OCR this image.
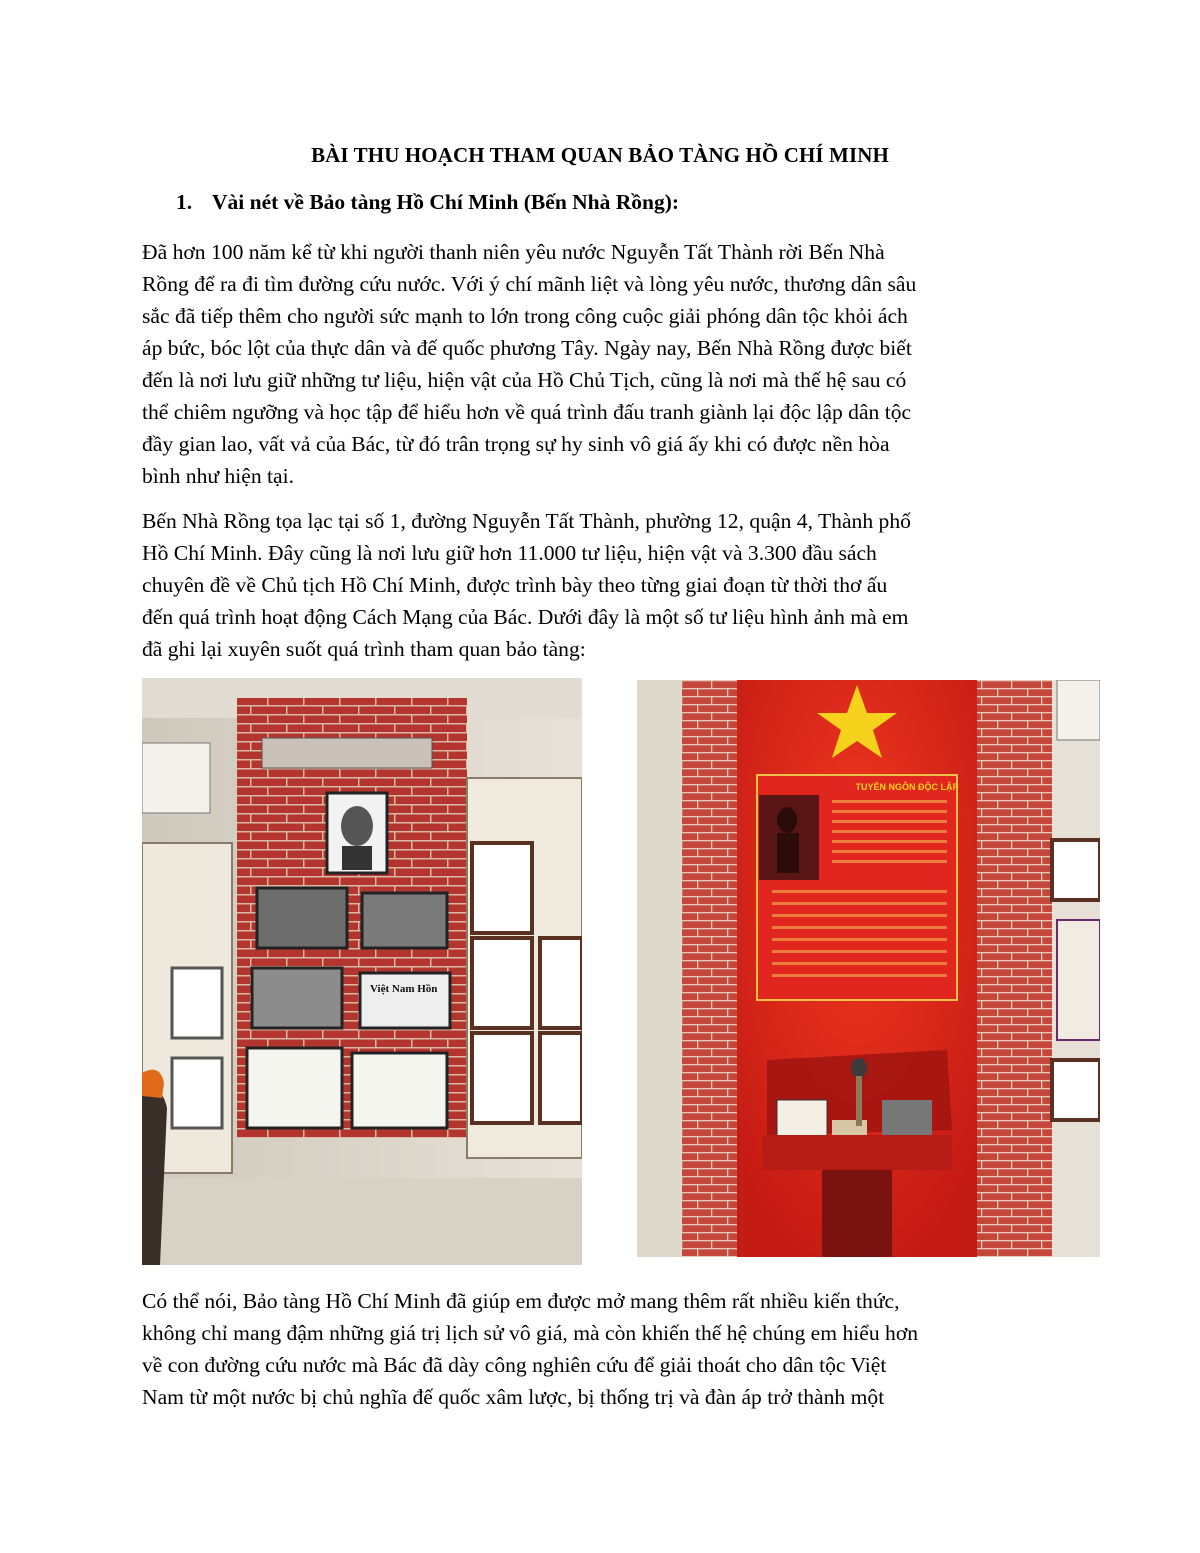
BÀI THU HOẠCH THAM QUAN BẢO TÀNG HỒ CHÍ MINH
1. Vài nét về Bảo tàng Hồ Chí Minh (Bến Nhà Rồng):

Đã hơn 100 năm kể từ khi người thanh niên yêu nước Nguyễn Tất Thành rời Bến Nhà
Rồng để ra đi tìm đường cứu nước. Với ý chí mãnh liệt và lòng yêu nước, thương dân sâu
sắc đã tiếp thêm cho người sức mạnh to lớn trong công cuộc giải phóng dân tộc khỏi ách
áp bức, bóc lột của thực dân và đế quốc phương Tây. Ngày nay, Bến Nhà Rồng được biết
đến là nơi lưu giữ những tư liệu, hiện vật của Hồ Chủ Tịch, cũng là nơi mà thế hệ sau có
thể chiêm ngưỡng và học tập để hiểu hơn về quá trình đấu tranh giành lại độc lập dân tộc
đầy gian lao, vất vả của Bác, từ đó trân trọng sự hy sinh vô giá ấy khi có được nền hòa
bình như hiện tại.

Bến Nhà Rồng tọa lạc tại số 1, đường Nguyễn Tất Thành, phường 12, quận 4, Thành phố
Hồ Chí Minh. Đây cũng là nơi lưu giữ hơn 11.000 tư liệu, hiện vật và 3.300 đầu sách
chuyên đề về Chủ tịch Hồ Chí Minh, được trình bày theo từng giai đoạn từ thời thơ ấu
đến quá trình hoạt động Cách Mạng của Bác. Dưới đây là một số tư liệu hình ảnh mà em
đã ghi lại xuyên suốt quá trình tham quan bảo tàng:

Việt Nam Hồn
TUYÊN NGÔN ĐỘC LẬP

Có thể nói, Bảo tàng Hồ Chí Minh đã giúp em được mở mang thêm rất nhiều kiến thức,
không chỉ mang đậm những giá trị lịch sử vô giá, mà còn khiến thế hệ chúng em hiểu hơn
về con đường cứu nước mà Bác đã dày công nghiên cứu để giải thoát cho dân tộc Việt
Nam từ một nước bị chủ nghĩa đế quốc xâm lược, bị thống trị và đàn áp trở thành một
